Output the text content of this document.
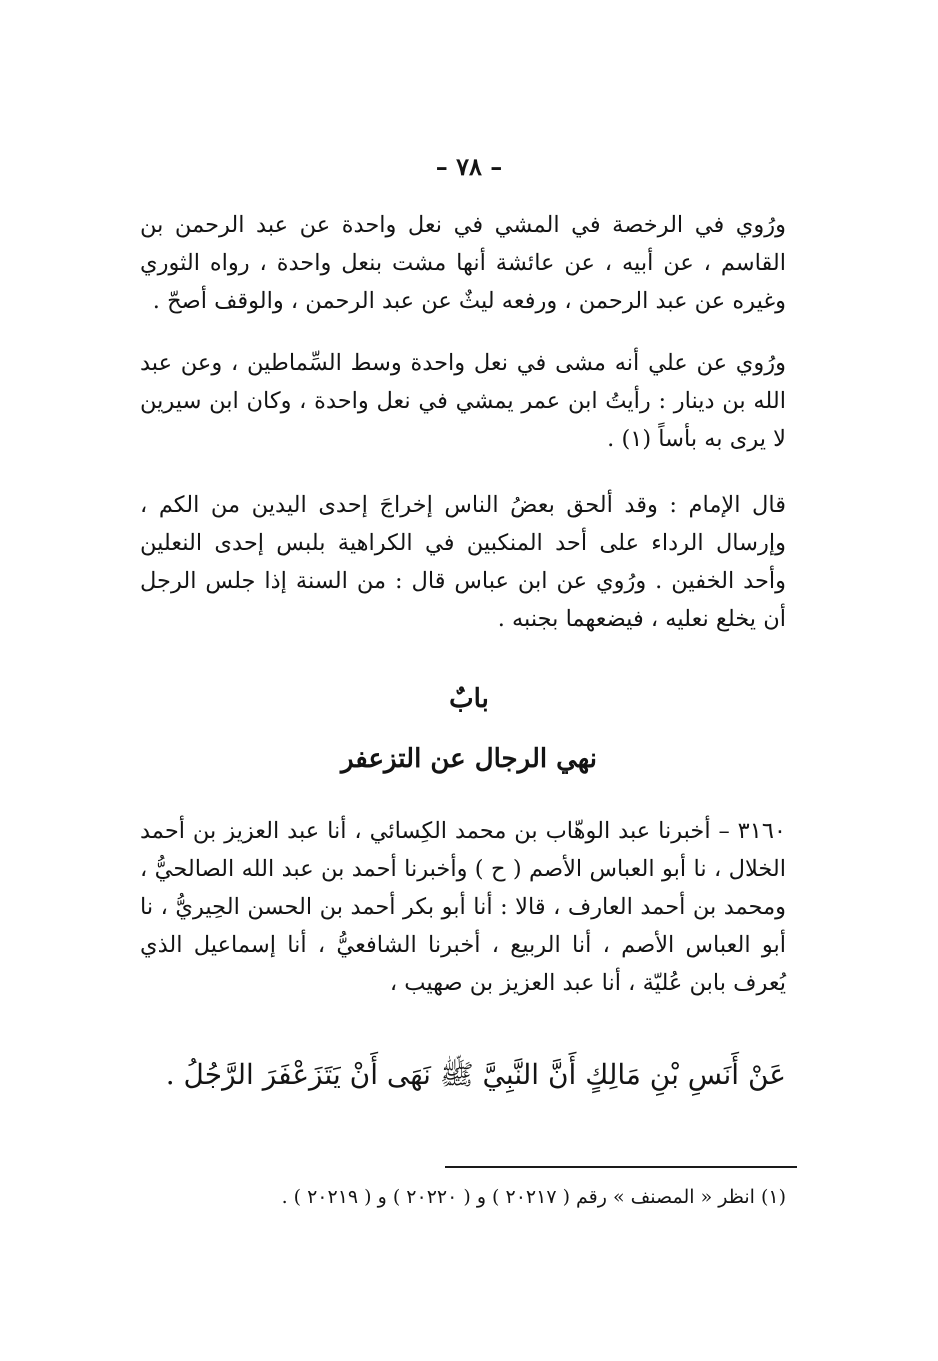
– ٧٨ –
ورُوي في الرخصة في المشي في نعل واحدة عن عبد الرحمن بن القاسم ، عن أبيه ، عن عائشة أنها مشت بنعل واحدة ، رواه الثوري وغيره عن عبد الرحمن ، ورفعه ليثٌ عن عبد الرحمن ، والوقف أصحّ .
ورُوي عن علي أنه مشى في نعل واحدة وسط السِّماطين ، وعن عبد الله بن دينار : رأيتُ ابن عمر يمشي في نعل واحدة ، وكان ابن سيرين لا يرى به بأساً (١) .
قال الإمام : وقد ألحق بعضُ الناس إخراجَ إحدى اليدين من الكم ، وإرسال الرداء على أحد المنكبين في الكراهية بلبس إحدى النعلين وأحد الخفين . ورُوي عن ابن عباس قال : من السنة إذا جلس الرجل أن يخلع نعليه ، فيضعهما بجنبه .
بابٌ
نهي الرجال عن التزعفر
٣١٦٠ – أخبرنا عبد الوهّاب بن محمد الكِسائي ، أنا عبد العزيز بن أحمد الخلال ، نا أبو العباس الأصم ( ح ) وأخبرنا أحمد بن عبد الله الصالحيُّ ، ومحمد بن أحمد العارف ، قالا : أنا أبو بكر أحمد بن الحسن الحِيريُّ ، نا أبو العباس الأصم ، أنا الربيع ، أخبرنا الشافعيُّ ، أنا إسماعيل الذي يُعرف بابن عُليّة ، أنا عبد العزيز بن صهيب ،
عَنْ أَنَسِ بْنِ مَالِكٍ أَنَّ النَّبِيَّ ﷺ نَهَى أَنْ يَتَزَعْفَرَ الرَّجُلُ .
(١) انظر « المصنف » رقم ( ٢٠٢١٧ ) و ( ٢٠٢٢٠ ) و ( ٢٠٢١٩ ) .
